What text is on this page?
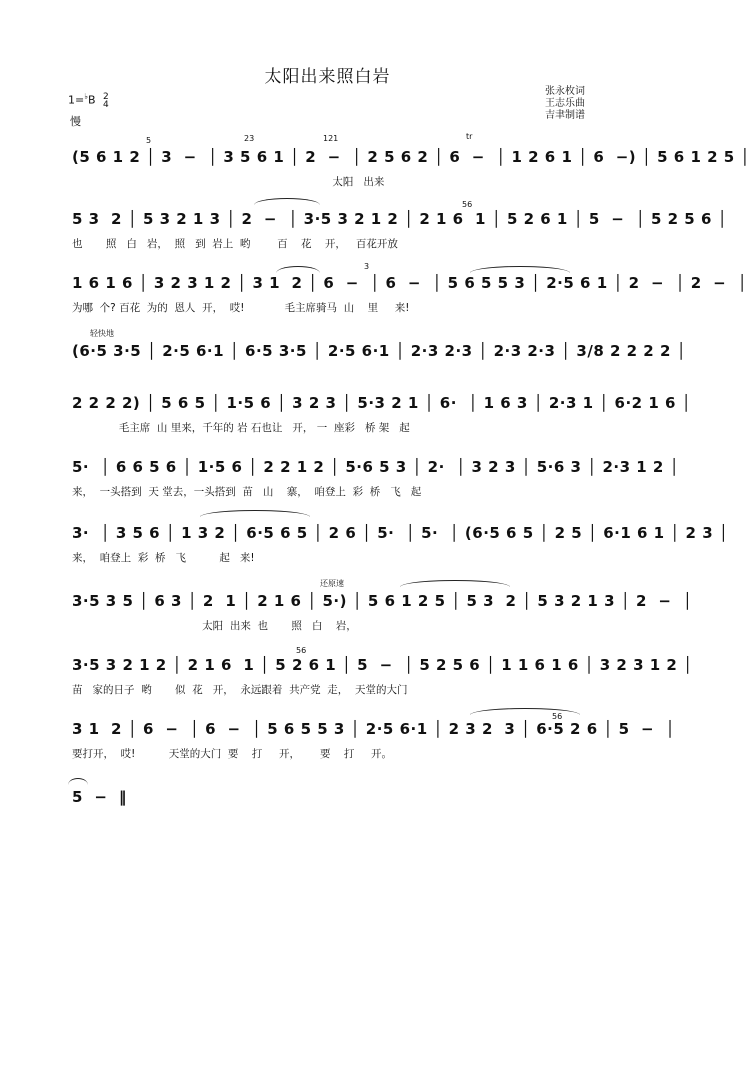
太阳出来照白岩
1=♭B 2
4
慢
张永枚词
王志乐曲
吉聿制谱
(5 6 1 2 │ 3  −  │ 3 5 6 1 │ 2  −  │ 2 5 6 2 │ 6  −  │ 1 2 6 1 │ 6  −) │ 5 6 1 2 5 │
太阳   出来
5 3  2 │ 5 3 2 1 3 │ 2  −  │ 3·5 3 2 1 2 │ 2 1 6  1 │ 5 2 6 1 │ 5  −  │ 5 2 5 6 │
也       照   白   岩，  照   到  岩上  哟        百    花    开，   百花开放
1 6 1 6 │ 3 2 3 1 2 │ 3 1  2 │ 6  −  │ 6  −  │ 5 6 5 5 3 │ 2·5 6 1 │ 2  −  │ 2  −  │
为哪  个? 百花  为的  恩人  开，  哎!            毛主席骑马  山    里     来!
(6·5 3·5 │ 2·5 6·1 │ 6·5 3·5 │ 2·5 6·1 │ 2·3 2·3 │ 2·3 2·3 │ 3/8 2 2 2 2 │
2 2 2 2) │ 5 6 5 │ 1·5 6 │ 3 2 3 │ 5·3 2 1 │ 6·  │ 1 6 3 │ 2·3 1 │ 6·2 1 6 │
毛主席  山 里来，千年的 岩 石也让   开， 一  座彩   桥 架   起
5·  │ 6 6 5 6 │ 1·5 6 │ 2 2 1 2 │ 5·6 5 3 │ 2·  │ 3 2 3 │ 5·6 3 │ 2·3 1 2 │
来，  一头搭到  天 堂去，一头搭到  苗   山    寨，  咱登上  彩  桥   飞   起
3·  │ 3 5 6 │ 1 3 2 │ 6·5 6 5 │ 2 6 │ 5·  │ 5·  │ (6·5 6 5 │ 2 5 │ 6·1 6 1 │ 2 3 │
来，  咱登上  彩  桥   飞          起   来!
3·5 3 5 │ 6 3 │ 2  1 │ 2 1 6 │ 5·) │ 5 6 1 2 5 │ 5 3  2 │ 5 3 2 1 3 │ 2  −  │
太阳  出来  也       照   白    岩，
3·5 3 2 1 2 │ 2 1 6  1 │ 5 2 6 1 │ 5  −  │ 5 2 5 6 │ 1 1 6 1 6 │ 3 2 3 1 2 │
苗   家的日子  哟       似  花   开，  永远跟着  共产党  走，  天堂的大门
3 1  2 │ 6  −  │ 6  −  │ 5 6 5 5 3 │ 2·5 6·1 │ 2 3 2  3 │ 6·5 2 6 │ 5  −  │
要打开，  哎!          天堂的大门  要    打     开，      要    打     开。
5  −  ‖
tr
轻快地
还原速
5	23	121
56
3
56
56
